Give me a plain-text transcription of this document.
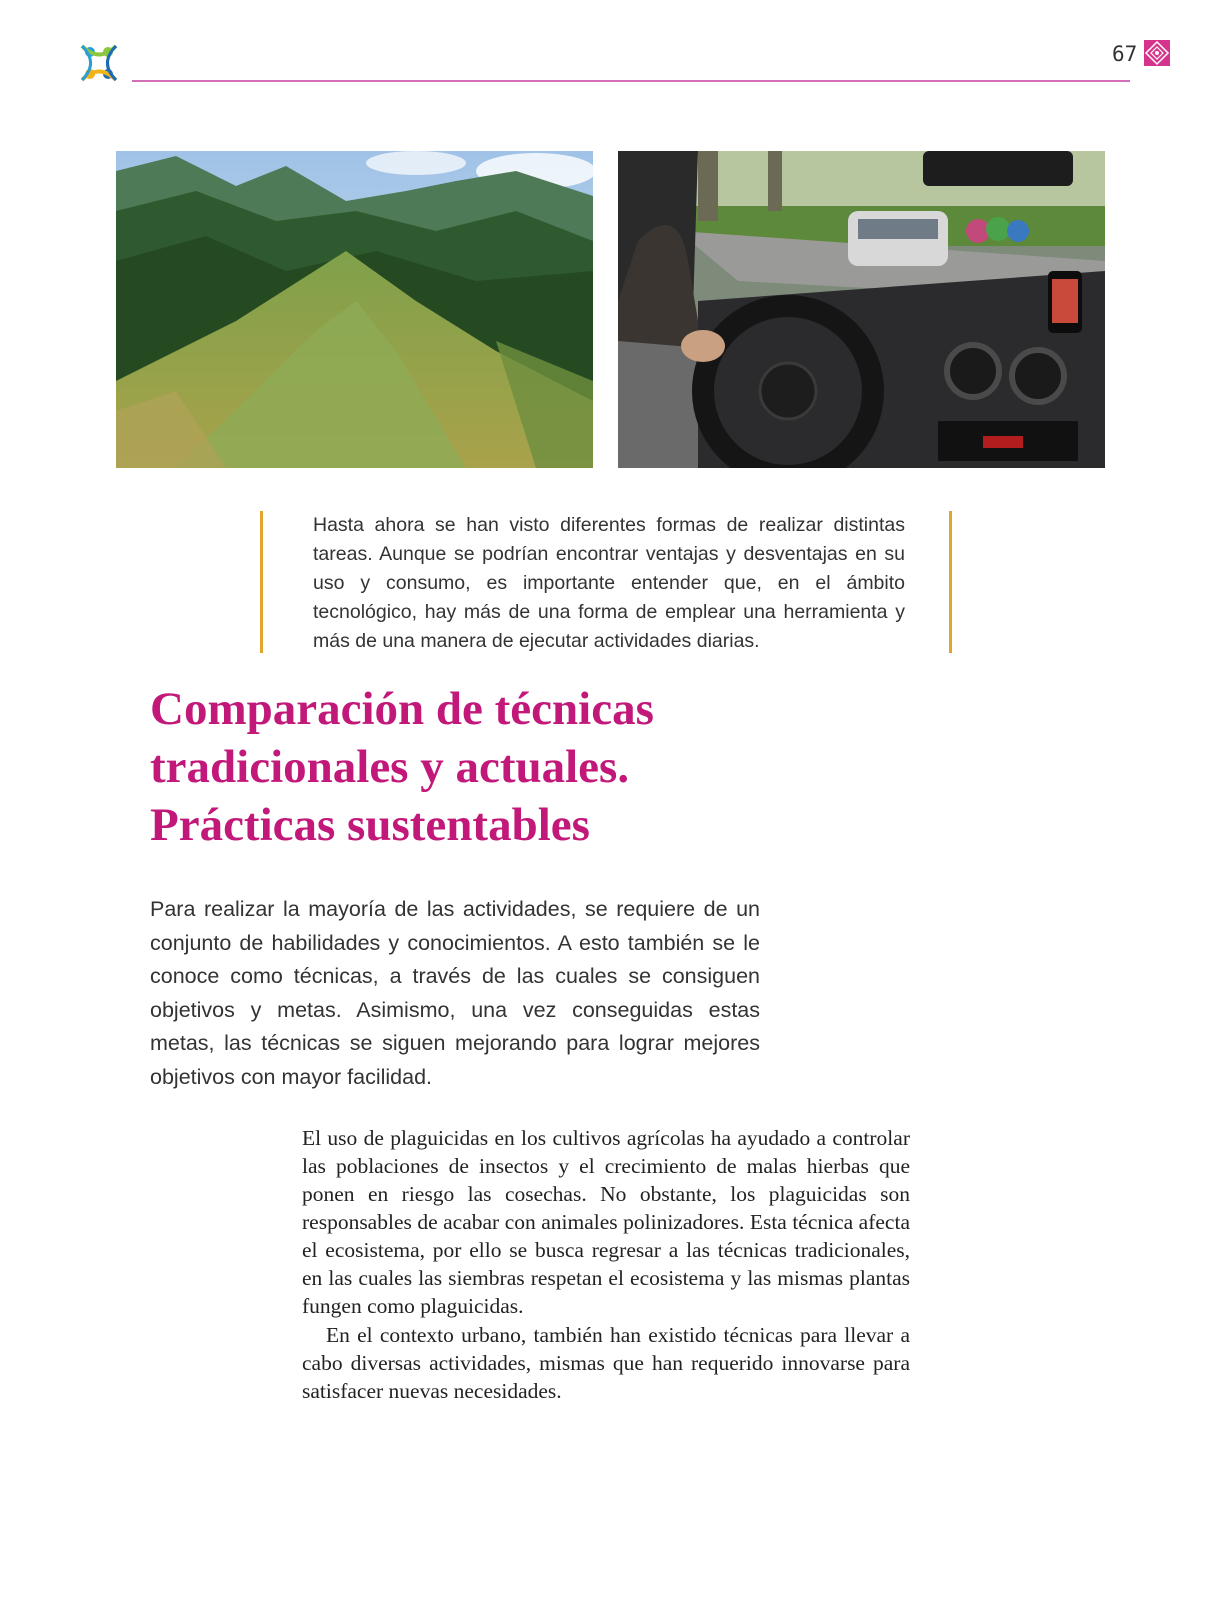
67

Hasta ahora se han visto diferentes formas de realizar distintas tareas. Aunque se podrían encontrar ventajas y desventajas en su uso y consumo, es importante entender que, en el ámbito tecnológico, hay más de una forma de emplear una herramienta y más de una manera de ejecutar actividades diarias.

Comparación de técnicas
tradicionales y actuales.
Prácticas sustentables

Para realizar la mayoría de las actividades, se requiere de un conjunto de habilidades y conocimientos. A esto también se le conoce como técnicas, a través de las cuales se consiguen objetivos y metas. Asimismo, una vez conseguidas estas metas, las técnicas se siguen mejorando para lograr mejores objetivos con mayor facilidad.

El uso de plaguicidas en los cultivos agrícolas ha ayudado a controlar las poblaciones de insectos y el crecimiento de malas hierbas que ponen en riesgo las cosechas. No obstante, los plaguicidas son responsables de acabar con animales polinizadores. Esta técnica afecta el ecosistema, por ello se busca regresar a las técnicas tradicionales, en las cuales las siembras respetan el ecosistema y las mismas plantas fungen como plaguicidas.

En el contexto urbano, también han existido técnicas para llevar a cabo diversas actividades, mismas que han requerido innovarse para satisfacer nuevas necesidades.
